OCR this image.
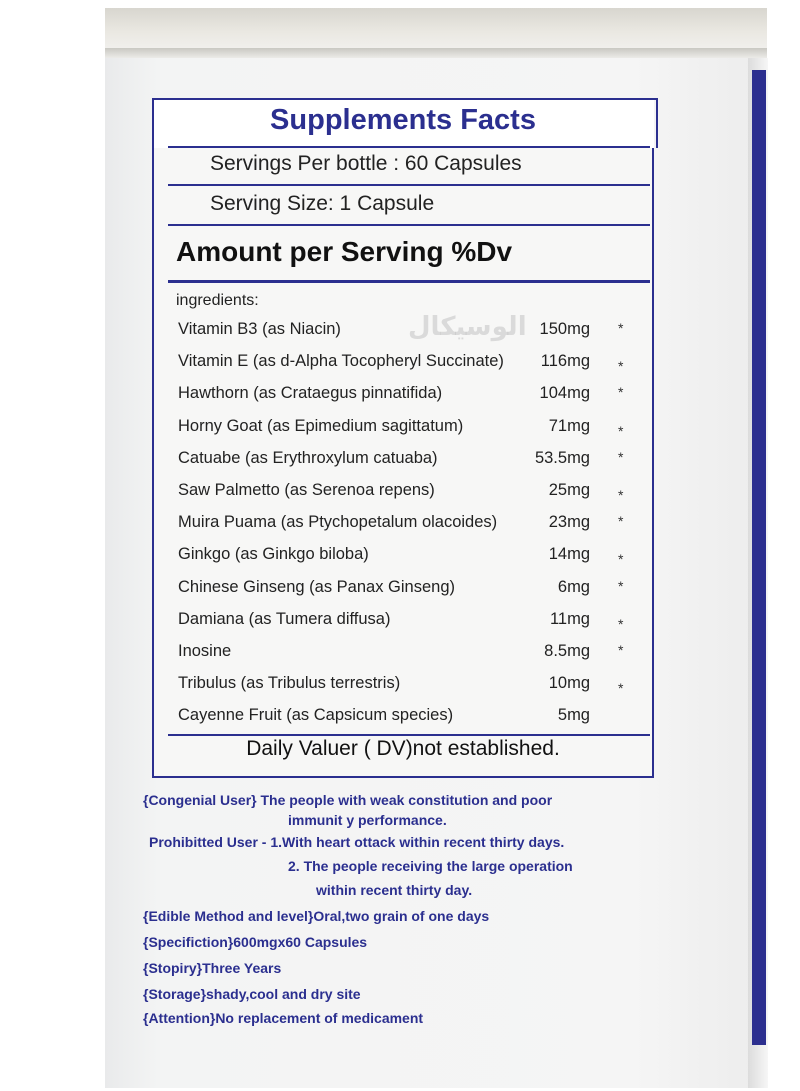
Supplements Facts
Servings Per bottle : 60 Capsules
Serving Size: 1 Capsule
Amount per Serving %Dv
ingredients:
الوسيكال
Vitamin B3 (as Niacin)	150mg *
Vitamin E (as d-Alpha Tocopheryl Succinate)	116mg *
Hawthorn (as Crataegus pinnatifida)	104mg *
Horny Goat (as Epimedium sagittatum)	71mg *
Catuabe (as Erythroxylum catuaba)	53.5mg *
Saw Palmetto (as Serenoa repens)	25mg *
Muira Puama (as Ptychopetalum olacoides)	23mg *
Ginkgo (as Ginkgo biloba)	14mg *
Chinese Ginseng (as Panax Ginseng)	6mg *
Damiana (as Tumera diffusa)	11mg *
Inosine	8.5mg *
Tribulus (as Tribulus terrestris)	10mg *
Cayenne Fruit (as Capsicum species)	5mg
Daily Valuer ( DV)not established.
{Congenial User} The people with weak constitution and poor
immunit y performance.
Prohibitted User - 1.With heart ottack within recent thirty days.
2. The people receiving the large operation
within recent thirty day.
{Edible Method and level}Oral,two grain of one days
{Specifiction}600mgx60 Capsules
{Stopiry}Three Years
{Storage}shady,cool and dry site
{Attention}No replacement of medicament
